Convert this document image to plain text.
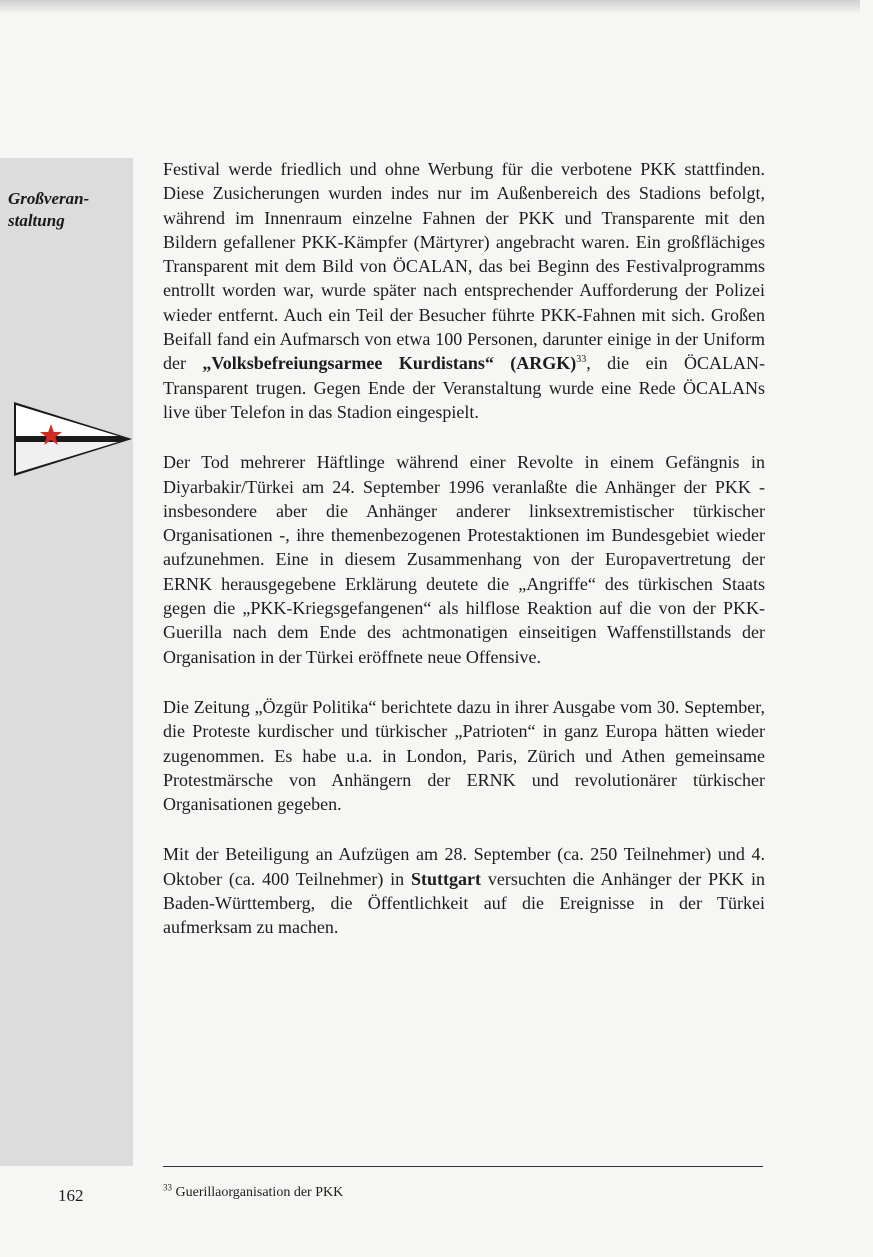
Großveran-
staltung

Festival werde friedlich und ohne Werbung für die verbotene PKK stattfinden. Diese Zusicherungen wurden indes nur im Außenbereich des Stadions befolgt, während im Innenraum einzelne Fahnen der PKK und Transparente mit den Bildern gefallener PKK-Kämpfer (Märtyrer) angebracht waren. Ein großflächiges Transparent mit dem Bild von ÖCALAN, das bei Beginn des Festivalprogramms entrollt worden war, wurde später nach entsprechender Aufforderung der Polizei wieder entfernt. Auch ein Teil der Besucher führte PKK-Fahnen mit sich. Großen Beifall fand ein Aufmarsch von etwa 100 Personen, darunter einige in der Uniform der „Volksbefreiungsarmee Kurdistans“ (ARGK)$^{33}$, die ein ÖCALAN-Transparent trugen. Gegen Ende der Veranstaltung wurde eine Rede ÖCALANs live über Telefon in das Stadion eingespielt.

Der Tod mehrerer Häftlinge während einer Revolte in einem Gefängnis in Diyarbakir/Türkei am 24. September 1996 veranlaßte die Anhänger der PKK - insbesondere aber die Anhänger anderer linksextremistischer türkischer Organisationen -, ihre themenbezogenen Protestaktionen im Bundesgebiet wieder aufzunehmen. Eine in diesem Zusammenhang von der Europavertretung der ERNK herausgegebene Erklärung deutete die „Angriffe“ des türkischen Staats gegen die „PKK-Kriegsgefangenen“ als hilflose Reaktion auf die von der PKK-Guerilla nach dem Ende des achtmonatigen einseitigen Waffenstillstands der Organisation in der Türkei eröffnete neue Offensive.

Die Zeitung „Özgür Politika“ berichtete dazu in ihrer Ausgabe vom 30. September, die Proteste kurdischer und türkischer „Patrioten“ in ganz Europa hätten wieder zugenommen. Es habe u.a. in London, Paris, Zürich und Athen gemeinsame Protestmärsche von Anhängern der ERNK und revolutionärer türkischer Organisationen gegeben.

Mit der Beteiligung an Aufzügen am 28. September (ca. 250 Teilnehmer) und 4. Oktober (ca. 400 Teilnehmer) in Stuttgart versuchten die Anhänger der PKK in Baden-Württemberg, die Öffentlichkeit auf die Ereignisse in der Türkei aufmerksam zu machen.

162	$^{33}$ Guerillaorganisation der PKK
